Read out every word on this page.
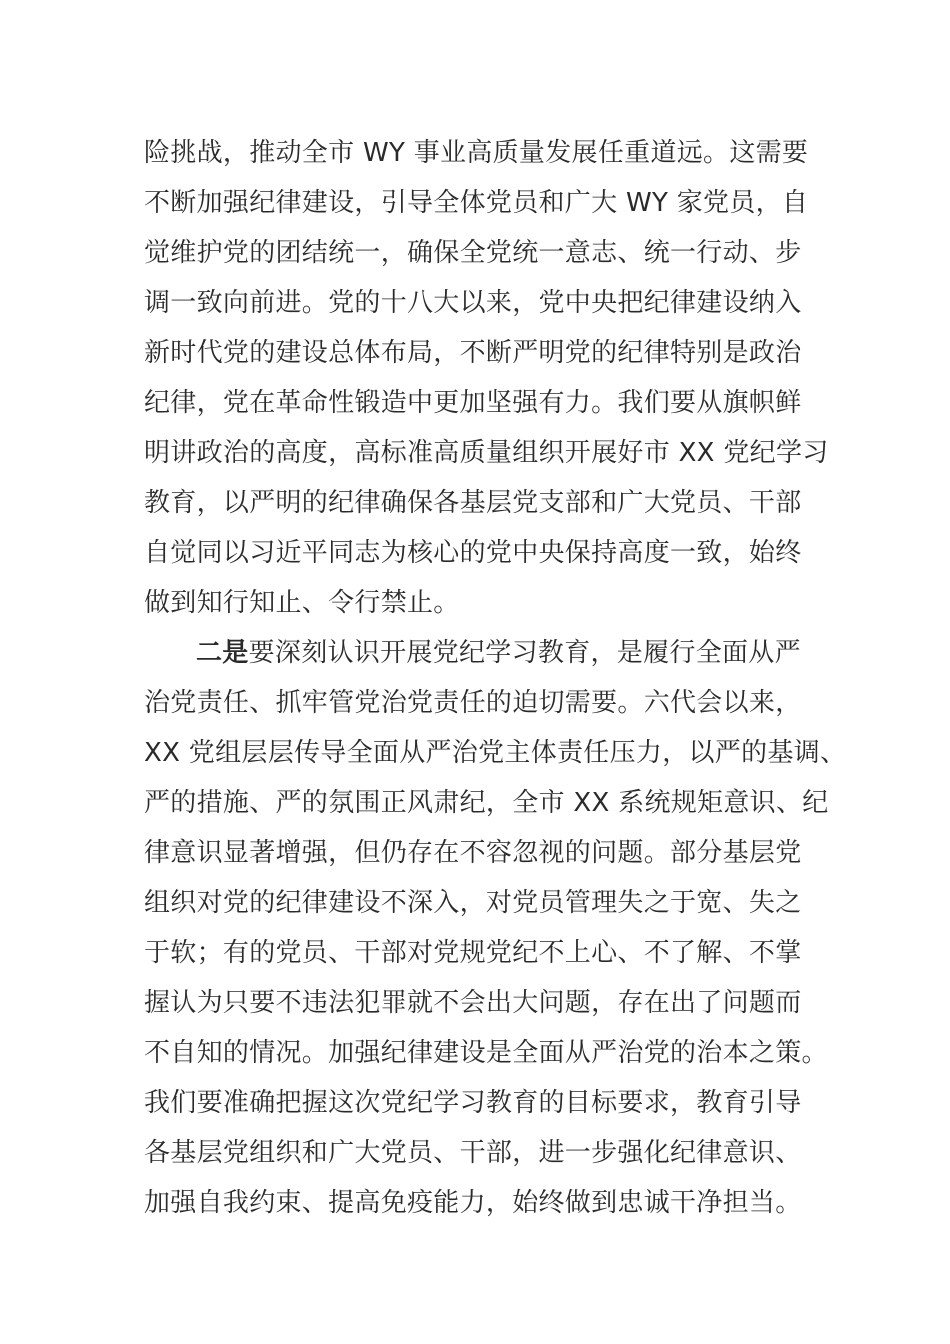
险挑战，推动全市 WY 事业高质量发展任重道远。这需要
不断加强纪律建设，引导全体党员和广大 WY 家党员，自
觉维护党的团结统一，确保全党统一意志、统一行动、步
调一致向前进。党的十八大以来，党中央把纪律建设纳入
新时代党的建设总体布局，不断严明党的纪律特别是政治
纪律，党在革命性锻造中更加坚强有力。我们要从旗帜鲜
明讲政治的高度，高标准高质量组织开展好市 XX 党纪学习
教育，以严明的纪律确保各基层党支部和广大党员、干部
自觉同以习近平同志为核心的党中央保持高度一致，始终
做到知行知止、令行禁止。
二是要深刻认识开展党纪学习教育，是履行全面从严
治党责任、抓牢管党治党责任的迫切需要。六代会以来，
XX 党组层层传导全面从严治党主体责任压力，以严的基调、
严的措施、严的氛围正风肃纪，全市 XX 系统规矩意识、纪
律意识显著增强，但仍存在不容忽视的问题。部分基层党
组织对党的纪律建设不深入，对党员管理失之于宽、失之
于软；有的党员、干部对党规党纪不上心、不了解、不掌
握认为只要不违法犯罪就不会出大问题，存在出了问题而
不自知的情况。加强纪律建设是全面从严治党的治本之策。
我们要准确把握这次党纪学习教育的目标要求，教育引导
各基层党组织和广大党员、干部，进一步强化纪律意识、
加强自我约束、提高免疫能力，始终做到忠诚干净担当。
